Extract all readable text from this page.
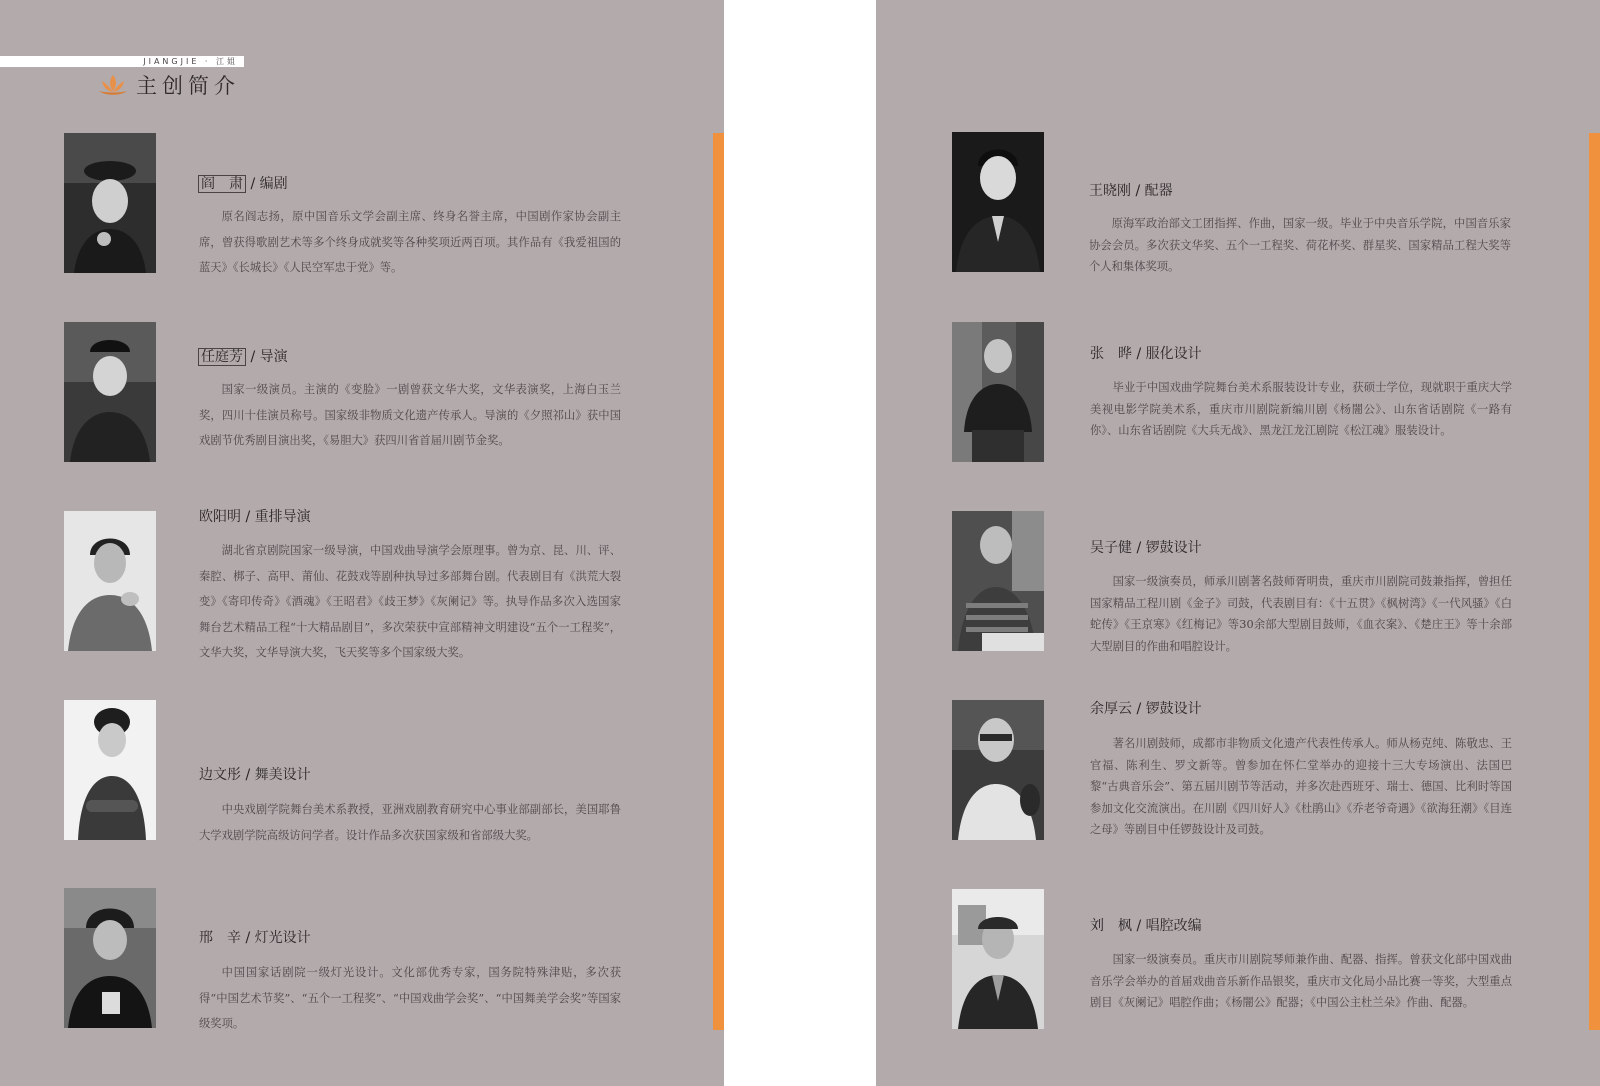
JIANGJIE · 江姐
主创简介
阎　肃 / 编剧
原名阎志扬，原中国音乐文学会副主席、终身名誉主席，中国剧作家协会副主席，曾获得歌剧艺术等多个终身成就奖等各种奖项近两百项。其作品有《我爱祖国的蓝天》《长城长》《人民空军忠于党》等。
任庭芳 / 导演
国家一级演员。主演的《变脸》一剧曾获文华大奖，文华表演奖，上海白玉兰奖，四川十佳演员称号。国家级非物质文化遗产传承人。导演的《夕照祁山》获中国戏剧节优秀剧目演出奖，《易胆大》获四川省首届川剧节金奖。
欧阳明 / 重排导演
湖北省京剧院国家一级导演，中国戏曲导演学会原理事。曾为京、昆、川、评、秦腔、梆子、高甲、莆仙、花鼓戏等剧种执导过多部舞台剧。代表剧目有《洪荒大裂变》《寄印传奇》《酒魂》《王昭君》《歧王梦》《灰阑记》等。执导作品多次入选国家舞台艺术精品工程“十大精品剧目”，多次荣获中宣部精神文明建设“五个一工程奖”，文华大奖，文华导演大奖，飞天奖等多个国家级大奖。
边文彤 / 舞美设计
中央戏剧学院舞台美术系教授，亚洲戏剧教育研究中心事业部副部长，美国耶鲁大学戏剧学院高级访问学者。设计作品多次获国家级和省部级大奖。
邢　辛 / 灯光设计
中国国家话剧院一级灯光设计。文化部优秀专家，国务院特殊津贴，多次获得“中国艺术节奖”、“五个一工程奖”、“中国戏曲学会奖”、“中国舞美学会奖”等国家级奖项。
王晓刚 / 配器
原海军政治部文工团指挥、作曲，国家一级。毕业于中央音乐学院，中国音乐家协会会员。多次获文华奖、五个一工程奖、荷花杯奖、群星奖、国家精品工程大奖等个人和集体奖项。
张　晔 / 服化设计
毕业于中国戏曲学院舞台美术系服装设计专业，获硕士学位，现就职于重庆大学美视电影学院美术系，重庆市川剧院新编川剧《杨闇公》、山东省话剧院《一路有你》、山东省话剧院《大兵无战》、黑龙江龙江剧院《松江魂》服装设计。
吴子健 / 锣鼓设计
国家一级演奏员，师承川剧著名鼓师胥明贵，重庆市川剧院司鼓兼指挥，曾担任国家精品工程川剧《金子》司鼓，代表剧目有：《十五贯》《枫树湾》《一代风骚》《白蛇传》《王京寒》《红梅记》等30余部大型剧目鼓师，《血衣案》、《楚庄王》等十余部大型剧目的作曲和唱腔设计。
余厚云 / 锣鼓设计
著名川剧鼓师，成都市非物质文化遗产代表性传承人。师从杨克纯、陈敬忠、王官福、陈利生、罗文新等。曾参加在怀仁堂举办的迎接十三大专场演出、法国巴黎“古典音乐会”、第五届川剧节等活动，并多次赴西班牙、瑞士、德国、比利时等国参加文化交流演出。在川剧《四川好人》《杜鹃山》《乔老爷奇遇》《欲海狂潮》《目连之母》等剧目中任锣鼓设计及司鼓。
刘　枫 / 唱腔改编
国家一级演奏员。重庆市川剧院琴师兼作曲、配器、指挥。曾获文化部中国戏曲音乐学会举办的首届戏曲音乐新作品银奖，重庆市文化局小品比赛一等奖，大型重点剧目《灰阑记》唱腔作曲；《杨闇公》配器；《中国公主杜兰朵》作曲、配器。
